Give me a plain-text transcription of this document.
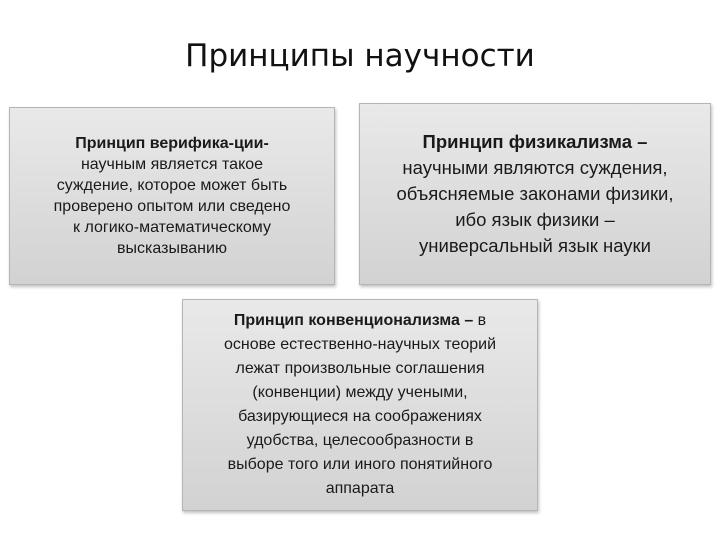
Принципы научности

Принцип верифика-ции-

научным является такое

суждение, которое может быть

проверено опытом или сведено

к логико-математическому

высказыванию

Принцип физикализма –

научными являются суждения,

объясняемые законами физики,

ибо язык физики –

универсальный язык науки

Принцип конвенционализма – в

основе естественно-научных теорий

лежат произвольные соглашения

(конвенции) между учеными,

базирующиеся на соображениях

удобства, целесообразности в

выборе того или иного понятийного

аппарата
